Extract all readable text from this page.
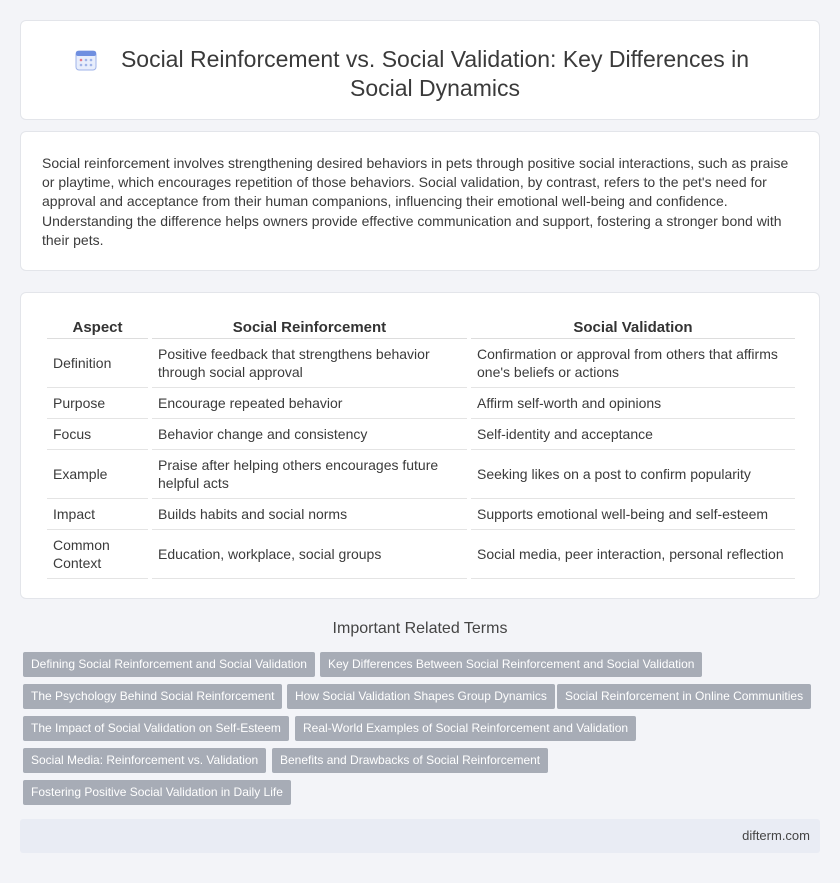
Social Reinforcement vs. Social Validation: Key Differences in Social Dynamics

Social reinforcement involves strengthening desired behaviors in pets through positive social interactions, such as praise or playtime, which encourages repetition of those behaviors. Social validation, by contrast, refers to the pet's need for approval and acceptance from their human companions, influencing their emotional well-being and confidence. Understanding the difference helps owners provide effective communication and support, fostering a stronger bond with their pets.

Aspect	Social Reinforcement	Social Validation
Definition	Positive feedback that strengthens behavior through social approval	Confirmation or approval from others that affirms one's beliefs or actions
Purpose	Encourage repeated behavior	Affirm self-worth and opinions
Focus	Behavior change and consistency	Self-identity and acceptance
Example	Praise after helping others encourages future helpful acts	Seeking likes on a post to confirm popularity
Impact	Builds habits and social norms	Supports emotional well-being and self-esteem
Common Context	Education, workplace, social groups	Social media, peer interaction, personal reflection
Important Related Terms
Defining Social Reinforcement and Social Validation	Key Differences Between Social Reinforcement and Social Validation
The Psychology Behind Social Reinforcement	How Social Validation Shapes Group Dynamics	Social Reinforcement in Online Communities
The Impact of Social Validation on Self-Esteem	Real-World Examples of Social Reinforcement and Validation
Social Media: Reinforcement vs. Validation	Benefits and Drawbacks of Social Reinforcement
Fostering Positive Social Validation in Daily Life
difterm.com
